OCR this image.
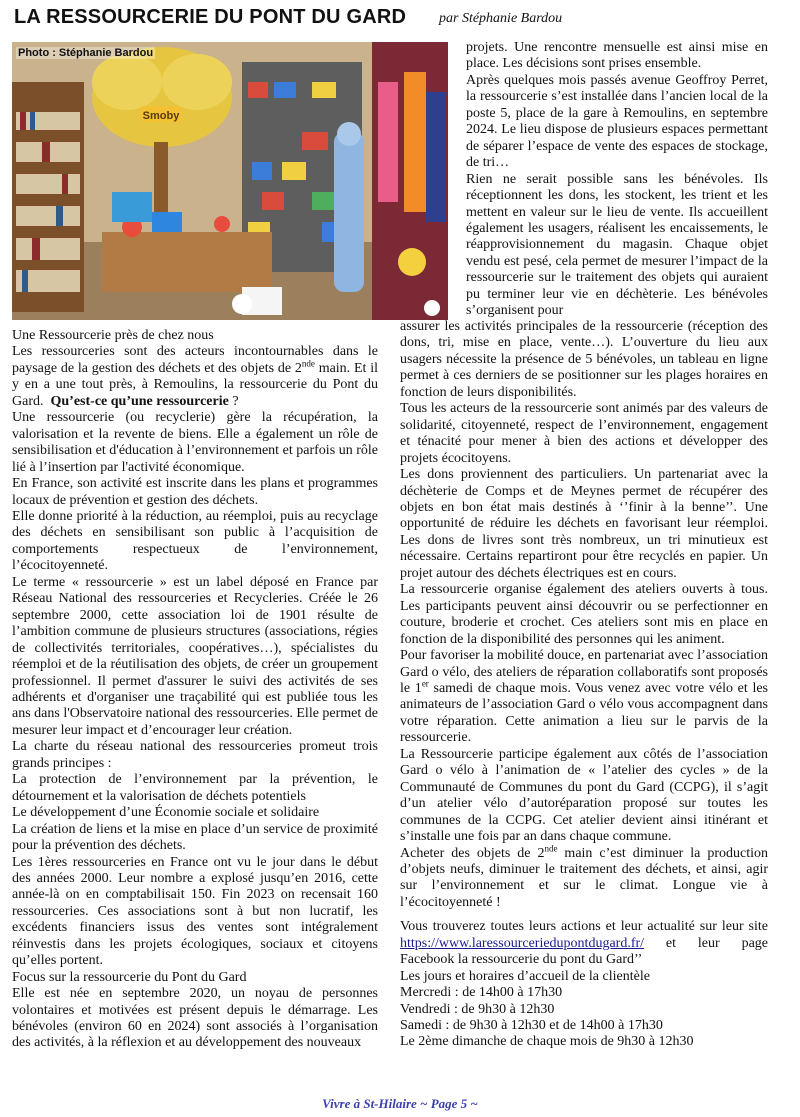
LA RESSOURCERIE DU PONT DU GARD par Stéphanie Bardou
Smoby
Photo : Stéphanie Bardou

Une Ressourcerie près de chez nous

Les ressourceries sont des acteurs incontournables dans le paysage de la gestion des déchets et des objets de 2nde main. Et il y en a une tout près, à Remoulins, la ressourcerie du Pont du Gard. Qu’est-ce qu’une ressourcerie ?

Une ressourcerie (ou recyclerie) gère la récupération, la valorisation et la revente de biens. Elle a également un rôle de sensibilisation et d'éducation à l’environnement et parfois un rôle lié à l’insertion par l'activité économique.

En France, son activité est inscrite dans les plans et programmes locaux de prévention et gestion des déchets.

Elle donne priorité à la réduction, au réemploi, puis au recyclage des déchets en sensibilisant son public à l’acquisition de comportements respectueux de l’environnement, l’écocitoyenneté.

Le terme « ressourcerie » est un label déposé en France par Réseau National des ressourceries et Recycleries. Créée le 26 septembre 2000, cette association loi de 1901 résulte de l’ambition commune de plusieurs structures (associations, régies de collectivités territoriales, coopératives…), spécialistes du réemploi et de la réutilisation des objets, de créer un groupement professionnel. Il permet d'assurer le suivi des activités de ses adhérents et d'organiser une traçabilité qui est publiée tous les ans dans l'Observatoire national des ressourceries. Elle permet de mesurer leur impact et d’encourager leur création.

La charte du réseau national des ressourceries promeut trois grands principes :

La protection de l’environnement par la prévention, le détournement et la valorisation de déchets potentiels

Le développement d’une Économie sociale et solidaire

La création de liens et la mise en place d’un service de proximité pour la prévention des déchets.

Les 1ères ressourceries en France ont vu le jour dans le début des années 2000. Leur nombre a explosé jusqu’en 2016, cette année-là on en comptabilisait 150. Fin 2023 on recensait 160 ressourceries. Ces associations sont à but non lucratif, les excédents financiers issus des ventes sont intégralement réinvestis dans les projets écologiques, sociaux et citoyens qu’elles portent.

Focus sur la ressourcerie du Pont du Gard

Elle est née en septembre 2020, un noyau de personnes volontaires et motivées est présent depuis le démarrage. Les bénévoles (environ 60 en 2024) sont associés à l’organisation des activités, à la réflexion et au développement des nouveaux

projets. Une rencontre mensuelle est ainsi mise en place. Les décisions sont prises ensemble.

Après quelques mois passés avenue Geoffroy Perret, la ressourcerie s’est installée dans l’ancien local de la poste 5, place de la gare à Remoulins, en septembre 2024. Le lieu dispose de plusieurs espaces permettant de séparer l’espace de vente des espaces de stockage, de tri…

Rien ne serait possible sans les bénévoles. Ils réceptionnent les dons, les stockent, les trient et les mettent en valeur sur le lieu de vente. Ils accueillent également les usagers, réalisent les encaissements, le réapprovisionnement du magasin. Chaque objet vendu est pesé, cela permet de mesurer l’impact de la ressourcerie sur le traitement des objets qui auraient pu terminer leur vie en déchèterie. Les bénévoles s’organisent pour

assurer les activités principales de la ressourcerie (réception des dons, tri, mise en place, vente…). L’ouverture du lieu aux usagers nécessite la présence de 5 bénévoles, un tableau en ligne permet à ces derniers de se positionner sur les plages horaires en fonction de leurs disponibilités.

Tous les acteurs de la ressourcerie sont animés par des valeurs de solidarité, citoyenneté, respect de l’environnement, engagement et ténacité pour mener à bien des actions et développer des projets écocitoyens.

Les dons proviennent des particuliers. Un partenariat avec la déchèterie de Comps et de Meynes permet de récupérer des objets en bon état mais destinés à ‘’finir à la benne’’. Une opportunité de réduire les déchets en favorisant leur réemploi. Les dons de livres sont très nombreux, un tri minutieux est nécessaire. Certains repartiront pour être recyclés en papier. Un projet autour des déchets électriques est en cours.

La ressourcerie organise également des ateliers ouverts à tous. Les participants peuvent ainsi découvrir ou se perfectionner en couture, broderie et crochet. Ces ateliers sont mis en place en fonction de la disponibilité des personnes qui les animent.

Pour favoriser la mobilité douce, en partenariat avec l’association Gard o vélo, des ateliers de réparation collaboratifs sont proposés le 1er samedi de chaque mois. Vous venez avec votre vélo et les animateurs de l’association Gard o vélo vous accompagnent dans votre réparation. Cette animation a lieu sur le parvis de la ressourcerie.

La Ressourcerie participe également aux côtés de l’association Gard o vélo à l’animation de « l’atelier des cycles » de la Communauté de Communes du pont du Gard (CCPG), il s’agit d’un atelier vélo d’autoréparation proposé sur toutes les communes de la CCPG. Cet atelier devient ainsi itinérant et s’installe une fois par an dans chaque commune.

Acheter des objets de 2nde main c’est diminuer la production d’objets neufs, diminuer le traitement des déchets, et ainsi, agir sur l’environnement et sur le climat. Longue vie à l’écocitoyenneté !

Vous trouverez toutes leurs actions et leur actualité sur leur site https://www.laressourceriedupontdugard.fr/ et leur page Facebook la ressourcerie du pont du Gard’’

Les jours et horaires d’accueil de la clientèle

Mercredi : de 14h00 à 17h30

Vendredi : de 9h30 à 12h30

Samedi : de 9h30 à 12h30 et de 14h00 à 17h30

Le 2ème dimanche de chaque mois de 9h30 à 12h30

Vivre à St-Hilaire ~ Page 5 ~
